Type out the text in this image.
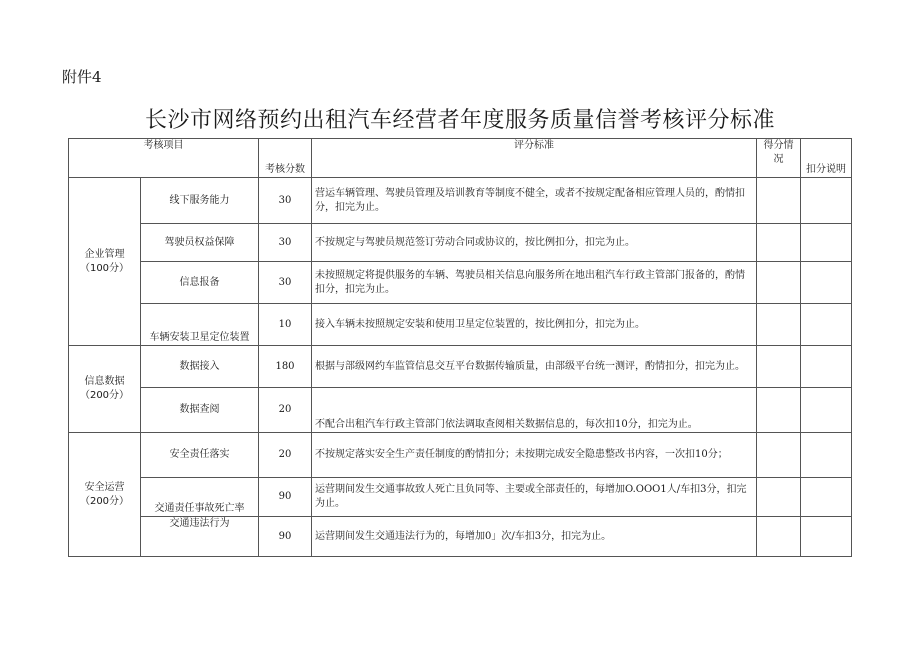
附件4
长沙市网络预约出租汽车经营者年度服务质量信誉考核评分标准
考核项目		考核分数	评分标准	得分情况	扣分说明

企业管理
（100分）	线下服务能力	30	营运车辆管理、驾驶员管理及培训教育等制度不健全，或者不按规定配备相应管理人员的，酌情扣分，扣完为止。		
	驾驶员权益保障	30	不按规定与驾驶员规范签订劳动合同或协议的，按比例扣分，扣完为止。		
	信息报备	30	未按照规定将提供服务的车辆、驾驶员相关信息向服务所在地出租汽车行政主管部门报备的，酌情扣分，扣完为止。		
	车辆安装卫星定位装置	10	接入车辆未按照规定安装和使用卫星定位装置的，按比例扣分，扣完为止。		

信息数据
（200分）	数据接入	180	根据与部级网约车监管信息交互平台数据传输质量，由部级平台统一测评，酌情扣分，扣完为止。		
	数据查阅	20	不配合出租汽车行政主管部门依法调取查阅相关数据信息的，每次扣10分，扣完为止。		

安全运营
（200分）	安全责任落实	20	不按规定落实安全生产责任制度的酌情扣分；未按期完成安全隐患整改书内容，一次扣10分；		
	交通责任事故死亡率	90	运营期间发生交通事故致人死亡且负同等、主要或全部责任的，每增加O.OOO1人/车扣3分，扣完为止。		
	交通违法行为	90	运营期间发生交通违法行为的，每增加0」次/车扣3分，扣完为止。		
